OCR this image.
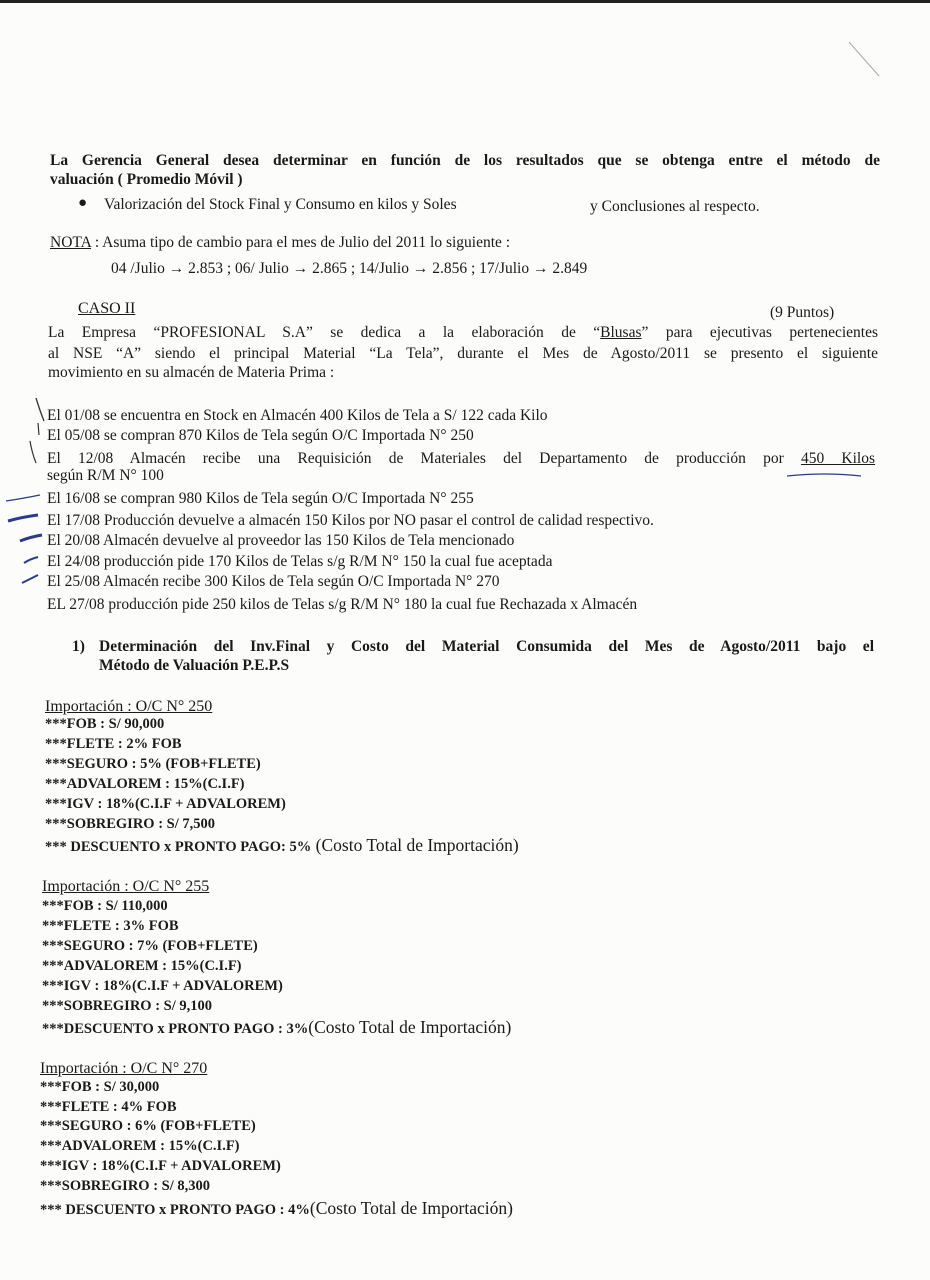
La Gerencia General desea determinar en función de los resultados que se obtenga entre el método de
valuación ( Promedio Móvil )
● Valorización del Stock Final y Consumo en kilos y Soles	y Conclusiones al respecto.
NOTA : Asuma tipo de cambio para el mes de Julio del 2011 lo siguiente :
04 /Julio → 2.853 ; 06/ Julio → 2.865 ; 14/Julio → 2.856 ; 17/Julio → 2.849
CASO II	(9 Puntos)
La Empresa “PROFESIONAL S.A” se dedica a la elaboración de “Blusas” para ejecutivas pertenecientes
al NSE “A” siendo el principal Material “La Tela”, durante el Mes de Agosto/2011 se presento el siguiente
movimiento en su almacén de Materia Prima :
El 01/08 se encuentra en Stock en Almacén 400 Kilos de Tela a S/ 122 cada Kilo
El 05/08 se compran 870 Kilos de Tela según O/C Importada N° 250
El 12/08 Almacén recibe una Requisición de Materiales del Departamento de producción por 450 Kilos
según R/M N° 100
El 16/08 se compran 980 Kilos de Tela según O/C Importada N° 255
El 17/08 Producción devuelve a almacén 150 Kilos por NO pasar el control de calidad respectivo.
El 20/08 Almacén devuelve al proveedor las 150 Kilos de Tela mencionado
El 24/08 producción pide 170 Kilos de Telas s/g R/M N° 150 la cual fue aceptada
El 25/08 Almacén recibe 300 Kilos de Tela según O/C Importada N° 270
EL 27/08 producción pide 250 kilos de Telas s/g R/M N° 180 la cual fue Rechazada x Almacén
1) Determinación del Inv.Final y Costo del Material Consumida del Mes de Agosto/2011 bajo el
Método de Valuación P.E.P.S
Importación : O/C N° 250
***FOB : S/ 90,000
***FLETE : 2% FOB
***SEGURO : 5% (FOB+FLETE)
***ADVALOREM : 15%(C.I.F)
***IGV : 18%(C.I.F + ADVALOREM)
***SOBREGIRO : S/ 7,500
*** DESCUENTO x PRONTO PAGO: 5% (Costo Total de Importación)
Importación : O/C N° 255
***FOB : S/ 110,000
***FLETE : 3% FOB
***SEGURO : 7% (FOB+FLETE)
***ADVALOREM : 15%(C.I.F)
***IGV : 18%(C.I.F + ADVALOREM)
***SOBREGIRO : S/ 9,100
***DESCUENTO x PRONTO PAGO : 3%(Costo Total de Importación)
Importación : O/C N° 270
***FOB : S/ 30,000
***FLETE : 4% FOB
***SEGURO : 6% (FOB+FLETE)
***ADVALOREM : 15%(C.I.F)
***IGV : 18%(C.I.F + ADVALOREM)
***SOBREGIRO : S/ 8,300
*** DESCUENTO x PRONTO PAGO : 4%(Costo Total de Importación)
